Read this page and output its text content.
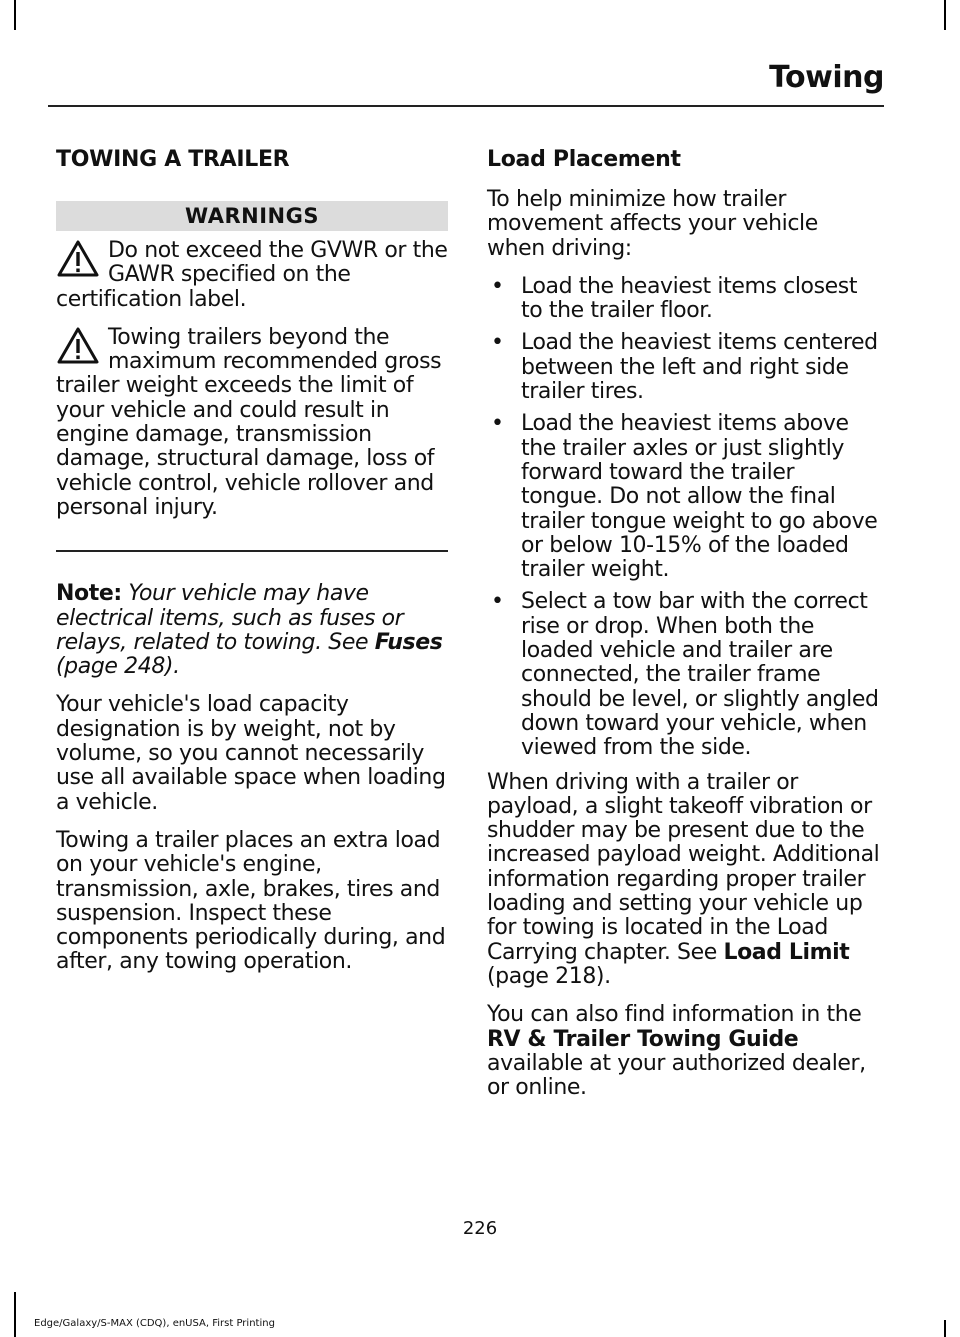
Towing
TOWING A TRAILER
WARNINGS
Do not exceed the GVWR or the GAWR specified on the certification label.
Towing trailers beyond the maximum recommended gross trailer weight exceeds the limit of your vehicle and could result in engine damage, transmission damage, structural damage, loss of vehicle control, vehicle rollover and personal injury.

Note: Your vehicle may have electrical items, such as fuses or relays, related to towing. See Fuses (page 248).

Your vehicle's load capacity designation is by weight, not by volume, so you cannot necessarily use all available space when loading a vehicle.

Towing a trailer places an extra load on your vehicle's engine, transmission, axle, brakes, tires and suspension. Inspect these components periodically during, and after, any towing operation.

Load Placement

To help minimize how trailer movement affects your vehicle when driving:

• Load the heaviest items closest to the trailer floor.
• Load the heaviest items centered between the left and right side trailer tires.
• Load the heaviest items above the trailer axles or just slightly forward toward the trailer tongue. Do not allow the final trailer tongue weight to go above or below 10-15% of the loaded trailer weight.
• Select a tow bar with the correct rise or drop. When both the loaded vehicle and trailer are connected, the trailer frame should be level, or slightly angled down toward your vehicle, when viewed from the side.

When driving with a trailer or payload, a slight takeoff vibration or shudder may be present due to the increased payload weight. Additional information regarding proper trailer loading and setting your vehicle up for towing is located in the Load Carrying chapter. See Load Limit (page 218).

You can also find information in the RV & Trailer Towing Guide available at your authorized dealer, or online.

226
Edge/Galaxy/S-MAX (CDQ), enUSA, First Printing
